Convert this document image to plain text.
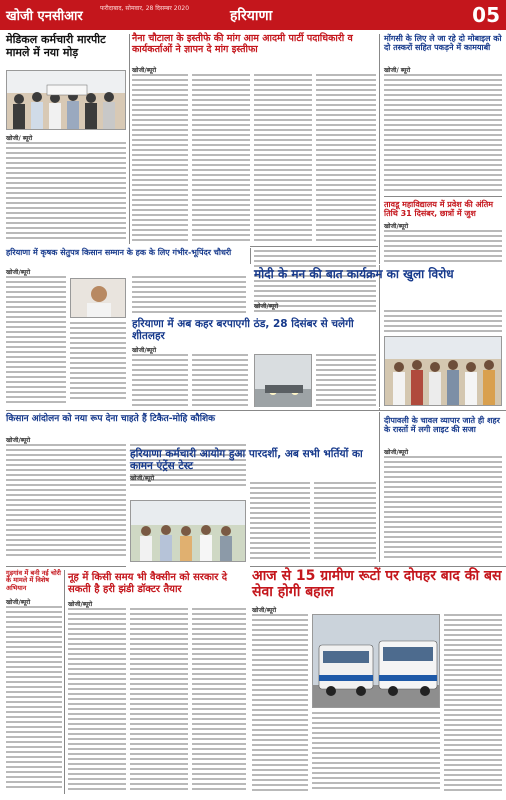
खोजी एनसीआर
फरीदाबाद, सोमवार, 28 दिसम्बर 2020	हरियाणा	05
मेडिकल कर्मचारी मारपीट मामले में नया मोड़
खोजी/ ब्यूरो
हरियाणा में कृषक सेतुपत्र किसान सम्मान के हक के लिए गंभीर-भूपिंदर चौधरी
खोजी/ब्यूरो
किसान आंदोलन को नया रूप देना चाहते हैं टिकैत-मोहि कौशिक
खोजी/ब्यूरो
गुड़गांव में बनी नई चोरी के मामले में विशेष अभियान
खोजी/ब्यूरो
नूह में किसी समय भी वैक्सीन को सरकार दे सकती है हरी झंडी डॉक्टर तैयार
खोजी/ब्यूरो
नैना चौटाला के इस्तीफे की मांग आम आदमी पार्टी पदाधिकारी व कार्यकर्ताओं ने ज्ञापन दे मांग इस्तीफा
खोजी/ब्यूरो
हरियाणा में अब कहर बरपाएगी ठंड, 28 दिसंबर से चलेगी शीतलहर
खोजी/ब्यूरो
हरियाणा कर्मचारी आयोग हुआ पारदर्शी, अब सभी भर्तियों का कामन एंट्रेंस टेस्ट
खोजी/ब्यूरो
मोंगसी के लिए ले जा रहे दो मोबाइल को दो तस्करों सहित पकड़ने में कामयाबी
खोजी/ ब्यूरो
तावडू महाविद्यालय में प्रवेश की अंतिम तिथि 31 दिसंबर, छात्रों में जुश
खोजी/ब्यूरो
मोदी के मन की बात कार्यक्रम का खुला विरोध
खोजी/ब्यूरो
दीपावली के चावल व्यापार जाते ही शहर के रास्तों में लगी लाइट की सजा
खोजी/ब्यूरो
आज से 15 ग्रामीण रूटों पर दोपहर बाद की बस सेवा होगी बहाल
खोजी/ब्यूरो
